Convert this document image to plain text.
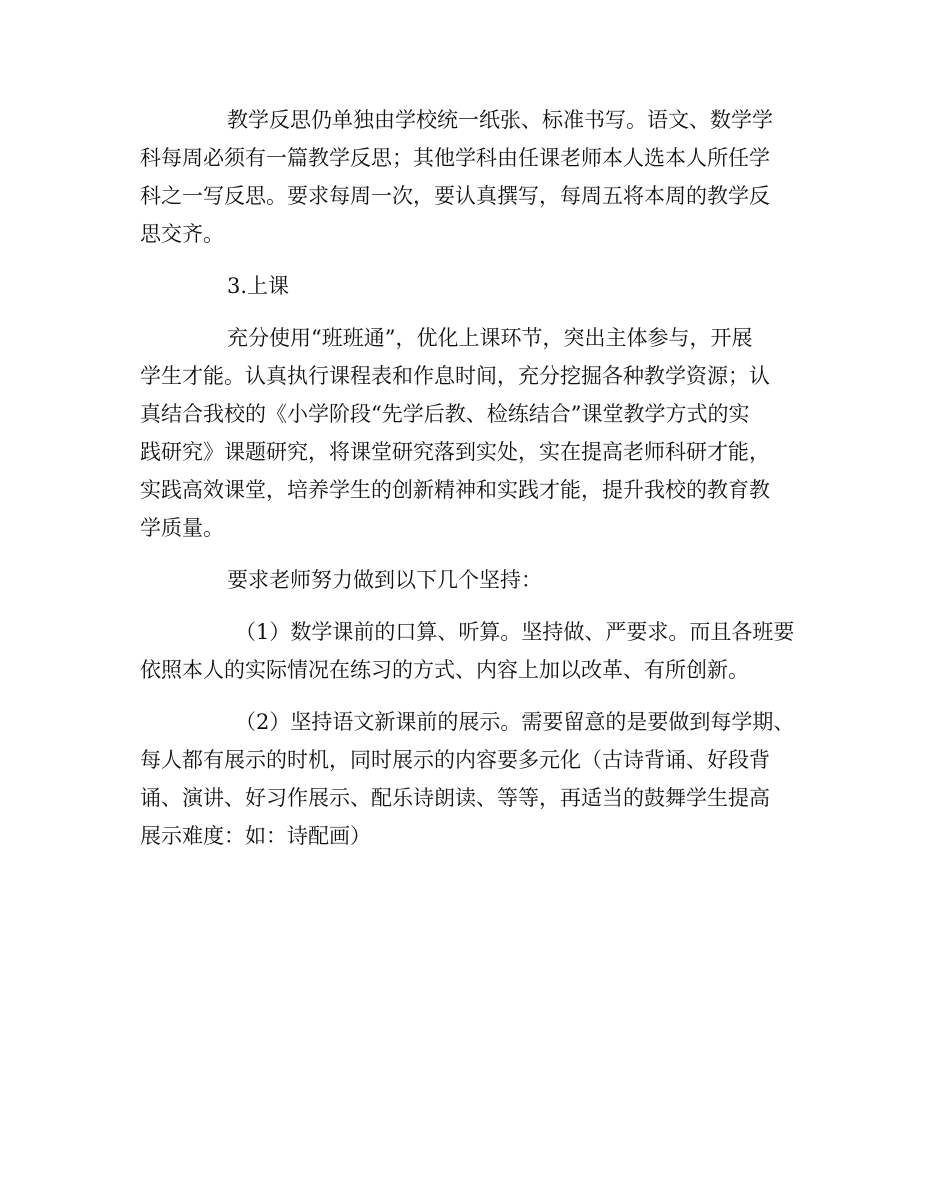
教学反思仍单独由学校统一纸张、标准书写。语文、数学学
科每周必须有一篇教学反思；其他学科由任课老师本人选本人所任学
科之一写反思。要求每周一次，要认真撰写，每周五将本周的教学反
思交齐。
3.上课
充分使用“班班通”，优化上课环节，突出主体参与，开展
学生才能。认真执行课程表和作息时间，充分挖掘各种教学资源；认
真结合我校的《小学阶段“先学后教、检练结合”课堂教学方式的实
践研究》课题研究，将课堂研究落到实处，实在提高老师科研才能，
实践高效课堂，培养学生的创新精神和实践才能，提升我校的教育教
学质量。
要求老师努力做到以下几个坚持：
（1）数学课前的口算、听算。坚持做、严要求。而且各班要
依照本人的实际情况在练习的方式、内容上加以改革、有所创新。
（2）坚持语文新课前的展示。需要留意的是要做到每学期、
每人都有展示的时机，同时展示的内容要多元化（古诗背诵、好段背
诵、演讲、好习作展示、配乐诗朗读、等等，再适当的鼓舞学生提高
展示难度：如：诗配画）
